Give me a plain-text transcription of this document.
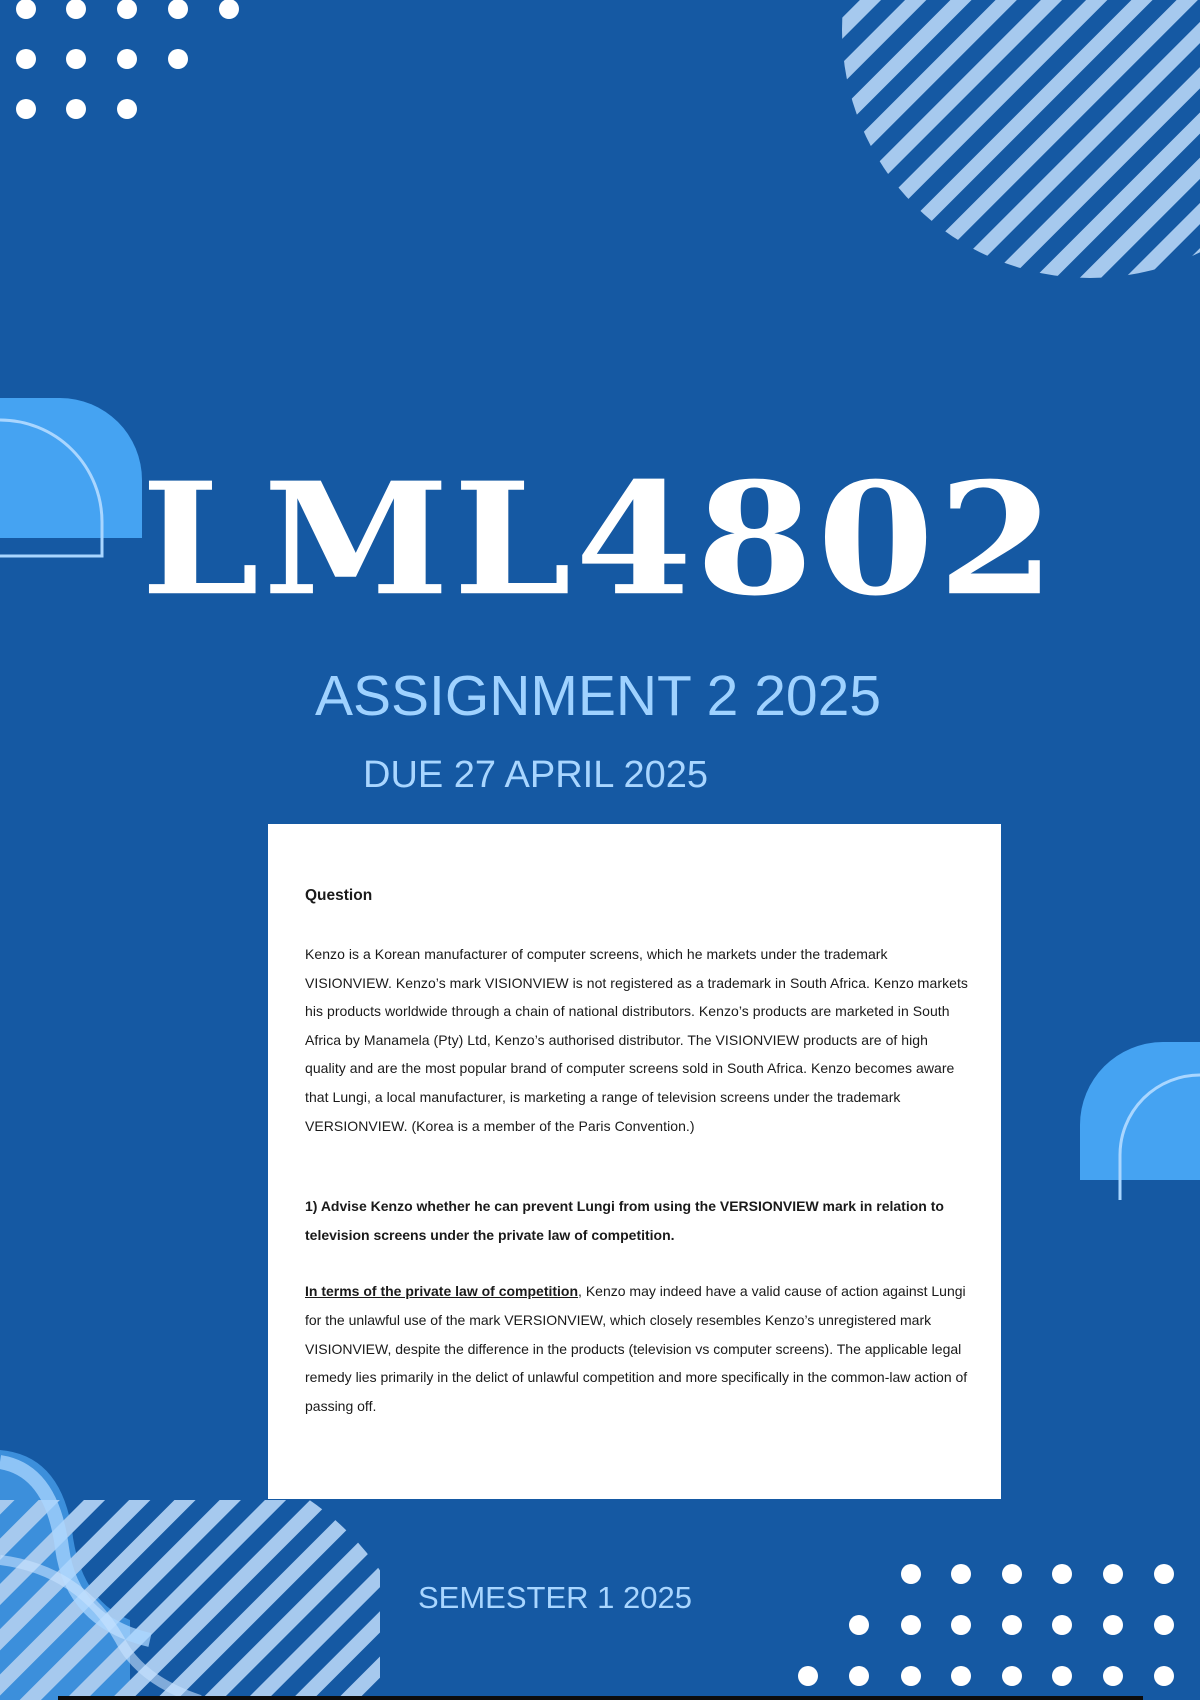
LML4802
ASSIGNMENT 2 2025
DUE 27 APRIL 2025

Question

Kenzo is a Korean manufacturer of computer screens, which he markets under the trademark VISIONVIEW. Kenzo’s mark VISIONVIEW is not registered as a trademark in South Africa. Kenzo markets his products worldwide through a chain of national distributors. Kenzo’s products are marketed in South Africa by Manamela (Pty) Ltd, Kenzo’s authorised distributor. The VISIONVIEW products are of high quality and are the most popular brand of computer screens sold in South Africa. Kenzo becomes aware that Lungi, a local manufacturer, is marketing a range of television screens under the trademark VERSIONVIEW. (Korea is a member of the Paris Convention.)

1) Advise Kenzo whether he can prevent Lungi from using the VERSIONVIEW mark in relation to television screens under the private law of competition.

In terms of the private law of competition, Kenzo may indeed have a valid cause of action against Lungi for the unlawful use of the mark VERSIONVIEW, which closely resembles Kenzo’s unregistered mark VISIONVIEW, despite the difference in the products (television vs computer screens). The applicable legal remedy lies primarily in the delict of unlawful competition and more specifically in the common-law action of passing off.

SEMESTER 1 2025
